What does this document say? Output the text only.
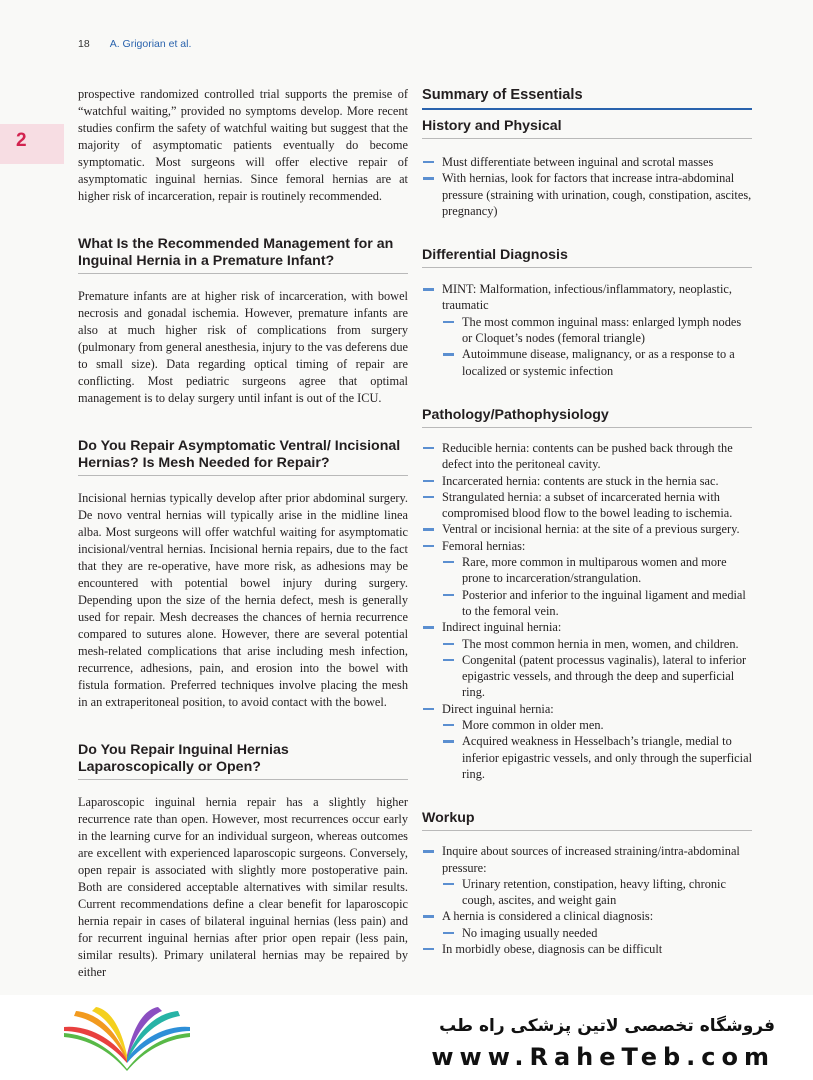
18 A. Grigorian et al.
2

prospective randomized controlled trial supports the premise of “watchful waiting,” provided no symptoms develop. More recent studies confirm the safety of watchful waiting but suggest that the majority of asymptomatic patients eventually do become symptomatic. Most surgeons will offer elective repair of asymptomatic inguinal hernias. Since femoral hernias are at higher risk of incarceration, repair is routinely recommended.

What Is the Recommended Management for an Inguinal Hernia in a Premature Infant?

Premature infants are at higher risk of incarceration, with bowel necrosis and gonadal ischemia. However, premature infants are also at much higher risk of complications from surgery (pulmonary from general anesthesia, injury to the vas deferens due to small size). Data regarding optical timing of repair are conflicting. Most pediatric surgeons agree that optimal management is to delay surgery until infant is out of the ICU.

Do You Repair Asymptomatic Ventral/ Incisional Hernias? Is Mesh Needed for Repair?

Incisional hernias typically develop after prior abdominal surgery. De novo ventral hernias will typically arise in the midline linea alba. Most surgeons will offer watchful waiting for asymptomatic incisional/ventral hernias. Incisional hernia repairs, due to the fact that they are re-operative, have more risk, as adhesions may be encountered with potential bowel injury during surgery. Depending upon the size of the hernia defect, mesh is generally used for repair. Mesh decreases the chances of hernia recurrence compared to sutures alone. However, there are several potential mesh-related complications that arise including mesh infection, recurrence, adhesions, pain, and erosion into the bowel with fistula formation. Preferred techniques involve placing the mesh in an extraperitoneal position, to avoid contact with the bowel.

Do You Repair Inguinal Hernias Laparoscopically or Open?

Laparoscopic inguinal hernia repair has a slightly higher recurrence rate than open. However, most recurrences occur early in the learning curve for an individual surgeon, whereas outcomes are excellent with experienced laparoscopic surgeons. Conversely, open repair is associated with slightly more postoperative pain. Both are considered acceptable alternatives with similar results. Current recommendations define a clear benefit for laparoscopic hernia repair in cases of bilateral inguinal hernias (less pain) and for recurrent inguinal hernias after prior open repair (less pain, similar results). Primary unilateral hernias may be repaired by either

Summary of Essentials
History and Physical
Must differentiate between inguinal and scrotal masses
With hernias, look for factors that increase intra-abdominal pressure (straining with urination, cough, constipation, ascites, pregnancy)
Differential Diagnosis
MINT: Malformation, infectious/inflammatory, neoplastic, traumatic
The most common inguinal mass: enlarged lymph nodes or Cloquet’s nodes (femoral triangle)
Autoimmune disease, malignancy, or as a response to a localized or systemic infection
Pathology/Pathophysiology
Reducible hernia: contents can be pushed back through the defect into the peritoneal cavity.
Incarcerated hernia: contents are stuck in the hernia sac.
Strangulated hernia: a subset of incarcerated hernia with compromised blood flow to the bowel leading to ischemia.
Ventral or incisional hernia: at the site of a previous surgery.
Femoral hernias:
Rare, more common in multiparous women and more prone to incarceration/strangulation.
Posterior and inferior to the inguinal ligament and medial to the femoral vein.
Indirect inguinal hernia:
The most common hernia in men, women, and children.
Congenital (patent processus vaginalis), lateral to inferior epigastric vessels, and through the deep and superficial ring.
Direct inguinal hernia:
More common in older men.
Acquired weakness in Hesselbach’s triangle, medial to inferior epigastric vessels, and only through the superficial ring.
Workup
Inquire about sources of increased straining/intra-abdominal pressure:
Urinary retention, constipation, heavy lifting, chronic cough, ascites, and weight gain
A hernia is considered a clinical diagnosis:
No imaging usually needed
In morbidly obese, diagnosis can be difficult
فروشگاه تخصصی لاتین پزشکی راه طب
www.RaheTeb.com
